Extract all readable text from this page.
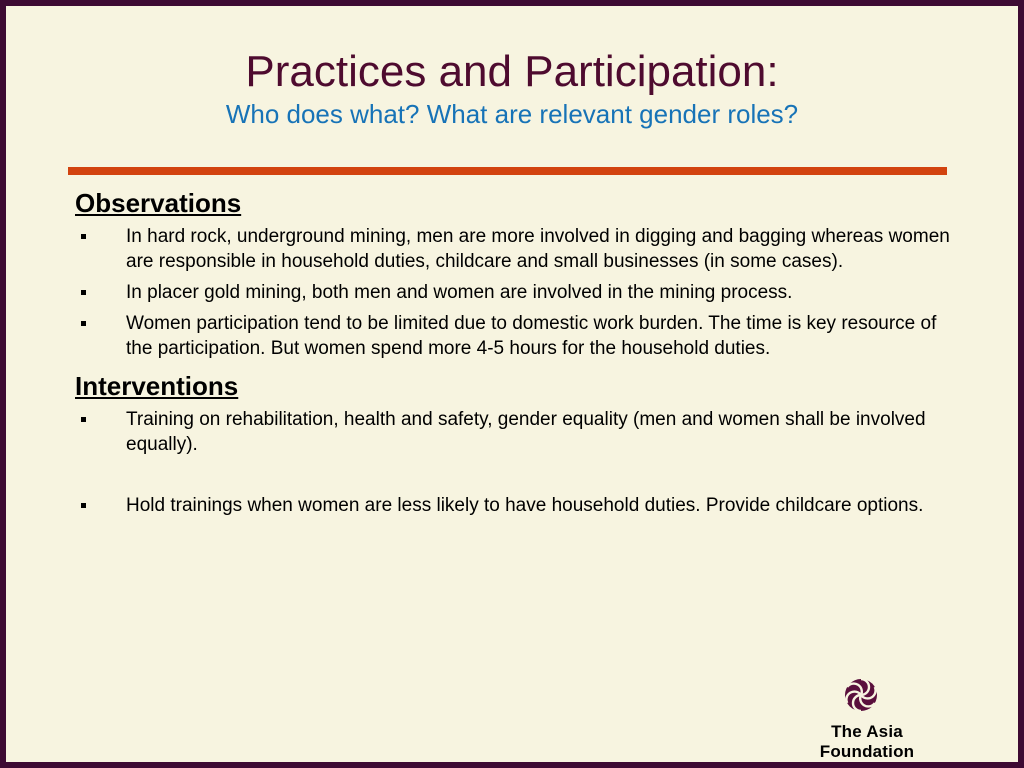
Practices and Participation:
Who does what? What are relevant gender roles?
Observations
In hard rock, underground mining, men are more involved in digging and bagging whereas women are responsible in household duties, childcare and small businesses (in some cases).
In placer gold mining, both men and women are involved in the mining process.
Women participation tend to be limited due to domestic work burden. The time is key resource of the participation. But women spend more 4-5 hours for the household duties.
Interventions
Training on rehabilitation, health and safety, gender equality (men and women shall be involved equally).
Hold trainings when women are less likely to have household duties. Provide childcare options.
The Asia Foundation
